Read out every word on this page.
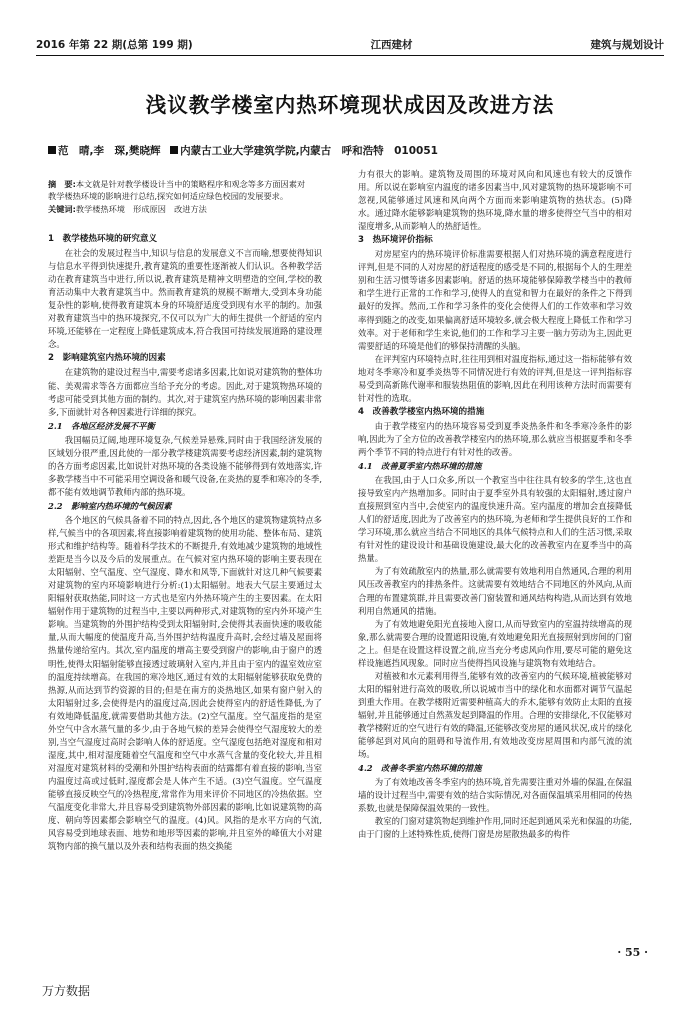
2016 年第 22 期(总第 199 期)	江西建材	建筑与规划设计
浅议教学楼室内热环境现状成因及改进方法
范　晴,李　琛,樊晓辉 内蒙古工业大学建筑学院,内蒙古　呼和浩特　010051

摘　要:本文就是针对教学楼设计当中的策略程序和观念等多方面因素对教学楼热环境的影响进行总结,探究如何适应绿色校园的发展要求。

关键词:教学楼热环境　形成原因　改进方法

1　教学楼热环境的研究意义

在社会的发展过程当中,知识与信息的发展意义不言而喻,想要使得知识与信息水平得到快速提升,教育建筑的重要性逐渐被人们认识。各种教学活动在教育建筑当中进行,所以说,教育建筑是精神文明塑造的空间,学校的教育活动集中大教育建筑当中。然而教育建筑的规模不断增大,受到本身功能复杂性的影响,使得教育建筑本身的环境舒适度受到现有水平的制约。加强对教育建筑当中的热环境探究,不仅可以为广大的师生提供一个舒适的室内环境,还能够在一定程度上降低建筑成本,符合我国可持续发展道路的建设理念。

2　影响建筑室内热环境的因素

在建筑物的建设过程当中,需要考虑诸多因素,比如说对建筑物的整体功能、美观需求等各方面都应当给予充分的考虑。因此,对于建筑物热环境的考虑可能受到其他方面的制约。其次,对于建筑室内热环境的影响因素非常多,下面就针对各种因素进行详细的探究。

2.1　各地区经济发展不平衡

我国幅员辽阔,地理环境复杂,气候差异悬殊,同时由于我国经济发展的区域划分很严重,因此使的一部分教学楼建筑需要考虑经济因素,制约建筑物的各方面考虑因素,比如说针对热环境的各类设施不能够得到有效地落实,许多教学楼当中不可能采用空调设备和暖气设备,在炎热的夏季和寒冷的冬季,都不能有效地调节教师内部的热环境。

2.2　影响室内热环境的气候因素

各个地区的气候具备着不同的特点,因此,各个地区的建筑物建筑特点多样,气候当中的各项因素,将直接影响着建筑物的使用功能、整体布局、建筑形式和维护结构等。随着科学技术的不断提升,有效地减少建筑物的地域性差距是当今以及今后的发展重点。在气候对室内热环境的影响主要表现在太阳辐射、空气温度、空气湿度、降水和风等,下面就针对这几种气候要素对建筑物的室内环境影响进行分析:(1)太阳辐射。地表大气层主要通过太阳辐射获取热能,同时这一方式也是室内外热环境产生的主要因素。在太阳辐射作用于建筑物的过程当中,主要以两种形式,对建筑物的室内外环境产生影响。当建筑物的外围护结构受到太阳辐射时,会使得其表面快速的吸收能量,从而大幅度的使温度升高,当外围护结构温度升高时,会经过墙及屋面将热量传递给室内。其次,室内温度的增高主要受到窗户的影响,由于窗户的透明性,使得太阳辐射能够直接透过玻璃射入室内,并且由于室内的温室效应室的温度持续增高。在我国的寒冷地区,通过有效的太阳辐射能够获取免费的热源,从而达到节约资源的目的;但是在南方的炎热地区,如果有窗户射入的太阳辐射过多,会使得是内的温度过高,因此会使得室内的舒适性降低,为了有效地降低温度,就需要借助其他方法。(2)空气温度。空气温度指的是室外空气中含水蒸气量的多少,由于各地气候的差异会使得空气湿度较大的差别,当空气湿度过高时会影响人体的舒适度。空气湿度包括绝对湿度和相对湿度,其中,相对湿度随着空气温度和空气中水蒸气含量的变化较大,并且相对湿度对建筑材料的受潮和外围护结构表面的结露都有着直接的影响,当室内温度过高或过低时,湿度都会是人体产生不适。(3)空气温度。空气温度能够直接反映空气的冷热程度,常常作为用来评价不同地区的冷热依据。空气温度变化非常大,并且容易受到建筑物外部因素的影响,比如说建筑物的高度、朝向等因素都会影响空气的温度。(4)风。风指的是水平方向的气流,风容易受到地球表面、地势和地形等因素的影响,并且室外的峰值大小对建筑物内部的换气量以及外表和结构表面的热交换能

力有很大的影响。建筑物及周围的环境对风向和风速也有较大的反馈作用。所以说在影响室内温度的诸多因素当中,风对建筑物的热环境影响不可忽视,风能够通过风速和风向两个方面而来影响建筑物的热状态。(5)降水。通过降水能够影响建筑物的热环境,降水量的增多使得空气当中的相对湿度增多,从而影响人的热舒适性。

3　热环境评价指标

对房屋室内的热环境评价标准需要根据人们对热环境的满意程度进行评判,但是不同的人对房屋的舒适程度的感受是不同的,根据每个人的生理差别和生活习惯等诸多因素影响。舒适的热环境能够保障教学楼当中的教师和学生进行正常的工作和学习,使得人的直觉和智力在最好的条件之下得到最好的发挥。然而,工作和学习条件的变化会使得人们的工作效率和学习效率得到随之的改变,如果偏离舒适环境较多,就会极大程度上降低工作和学习效率。对于老师和学生来说,他们的工作和学习主要一脑力劳动为主,因此更需要舒适的环境是他们的够保持清醒的头脑。

在评判室内环境特点时,往往用到相对温度指标,通过这一指标能够有效地对冬季寒冷和夏季炎热等不同情况进行有效的评判,但是这一评判指标容易受到高新陈代谢率和服装热阻值的影响,因此在利用该种方法时而需要有针对性的选取。

4　改善教学楼室内热环境的措施

由于教学楼室内的热环境容易受到夏季炎热条件和冬季寒冷条件的影响,因此为了全方位的改善教学楼室内的热环境,那么就应当根据夏季和冬季两个季节不同的特点进行有针对性的改善。

4.1　改善夏季室内热环境的措施

在我国,由于人口众多,所以一个教室当中往往具有较多的学生,这也直接导致室内产热增加多。同时由于夏季室外具有较强的太阳辐射,透过窗户直接照到室内当中,会使室内的温度快速升高。室内温度的增加会直接降低人们的舒适度,因此为了改善室内的热环境,为老师和学生提供良好的工作和学习环境,那么就应当结合不同地区的具体气候特点和人们的生活习惯,采取有针对性的建设设计和基础设施建设,最大化的改善教室内在夏季当中的高热量。

为了有效疏散室内的热量,那么就需要有效地利用自然通风,合理的利用风压改善教室内的排热条件。这就需要有效地结合不同地区的外风向,从而合理的布置建筑群,并且需要改善门窗装置和通风结构构造,从而达到有效地利用自然通风的措施。

为了有效地避免阳光直接地入窗口,从而导致室内的室温持续增高的现象,那么就需要合理的设置遮阳设施,有效地避免阳光直接照射到房间的门窗之上。但是在设置这样设置之前,应当充分考虑风向作用,要尽可能的避免这样设施遮挡风现象。同时应当使得挡风设施与建筑物有效地结合。

对植被和水元素利用得当,能够有效的改善室内的气候环境,植被能够对太阳的辐射进行高效的吸收,所以说城市当中的绿化和水面都对调节气温起到重大作用。在教学楼附近需要种植高大的乔木,能够有效防止太阳的直接辐射,并且能够通过自然蒸发起到降温的作用。合理的安排绿化,不仅能够对教学楼附近的空气进行有效的降温,还能够改变房屋的通风状况,成片的绿化能够起到对风向的阻碍和导流作用,有效地改变房屋周围和内部气流的流场。

4.2　改善冬季室内热环境的措施

为了有效地改善冬季室内的热环境,首先需要注重对外墙的保温,在保温墙的设计过程当中,需要有效的结合实际情况,对各面保温填采用相同的传热系数,也就是保障保温效果的一致性。

教室的门窗对建筑物起到维护作用,同时还起到通风采光和保温的功能,由于门窗的上述特殊性质,使得门窗是房屋散热最多的构件

· 55 ·
万方数据
